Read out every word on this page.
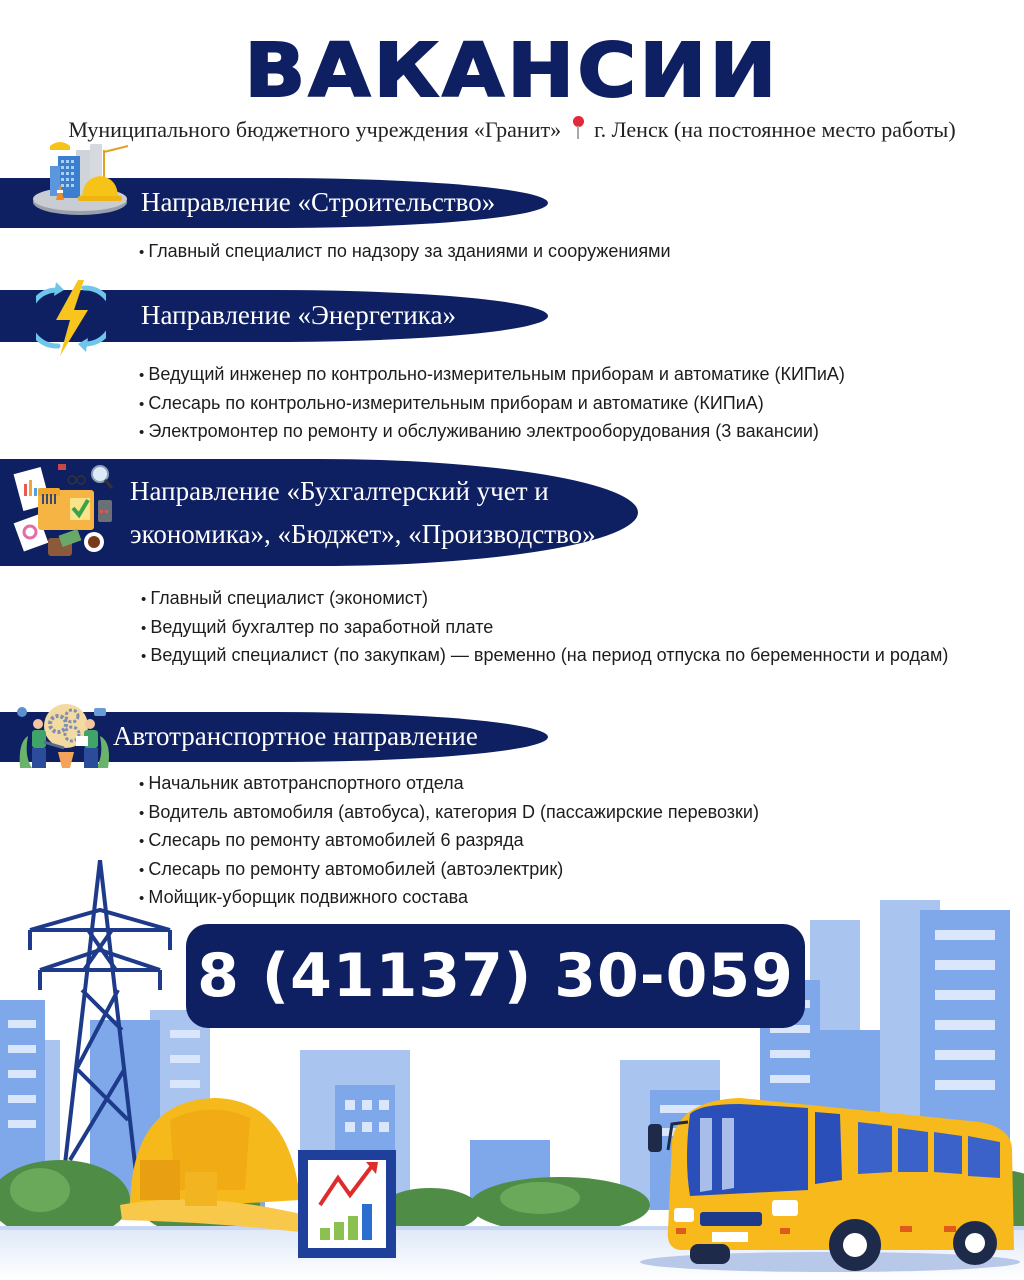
ВАКАНСИИ
Муниципального бюджетного учреждения «Гранит» г. Ленск (на постоянное место работы)
Направление «Строительство»
• Главный специалист по надзору за зданиями и сооружениями
Направление «Энергетика»
• Ведущий инженер по контрольно-измерительным приборам и автоматике (КИПиА)
• Слесарь по контрольно-измерительным приборам и автоматике (КИПиА)
• Электромонтер по ремонту и обслуживанию электрооборудования (3 вакансии)
Направление «Бухгалтерский учет и
экономика», «Бюджет», «Производство»
• Главный специалист (экономист)
• Ведущий бухгалтер по заработной плате
• Ведущий специалист (по закупкам) — временно (на период отпуска по беременности и родам)
Автотранспортное направление
• Начальник автотранспортного отдела
• Водитель автомобиля (автобуса), категория D (пассажирские перевозки)
• Слесарь по ремонту автомобилей 6 разряда
• Слесарь по ремонту автомобилей (автоэлектрик)
• Мойщик-уборщик подвижного состава
8 (41137) 30-059
